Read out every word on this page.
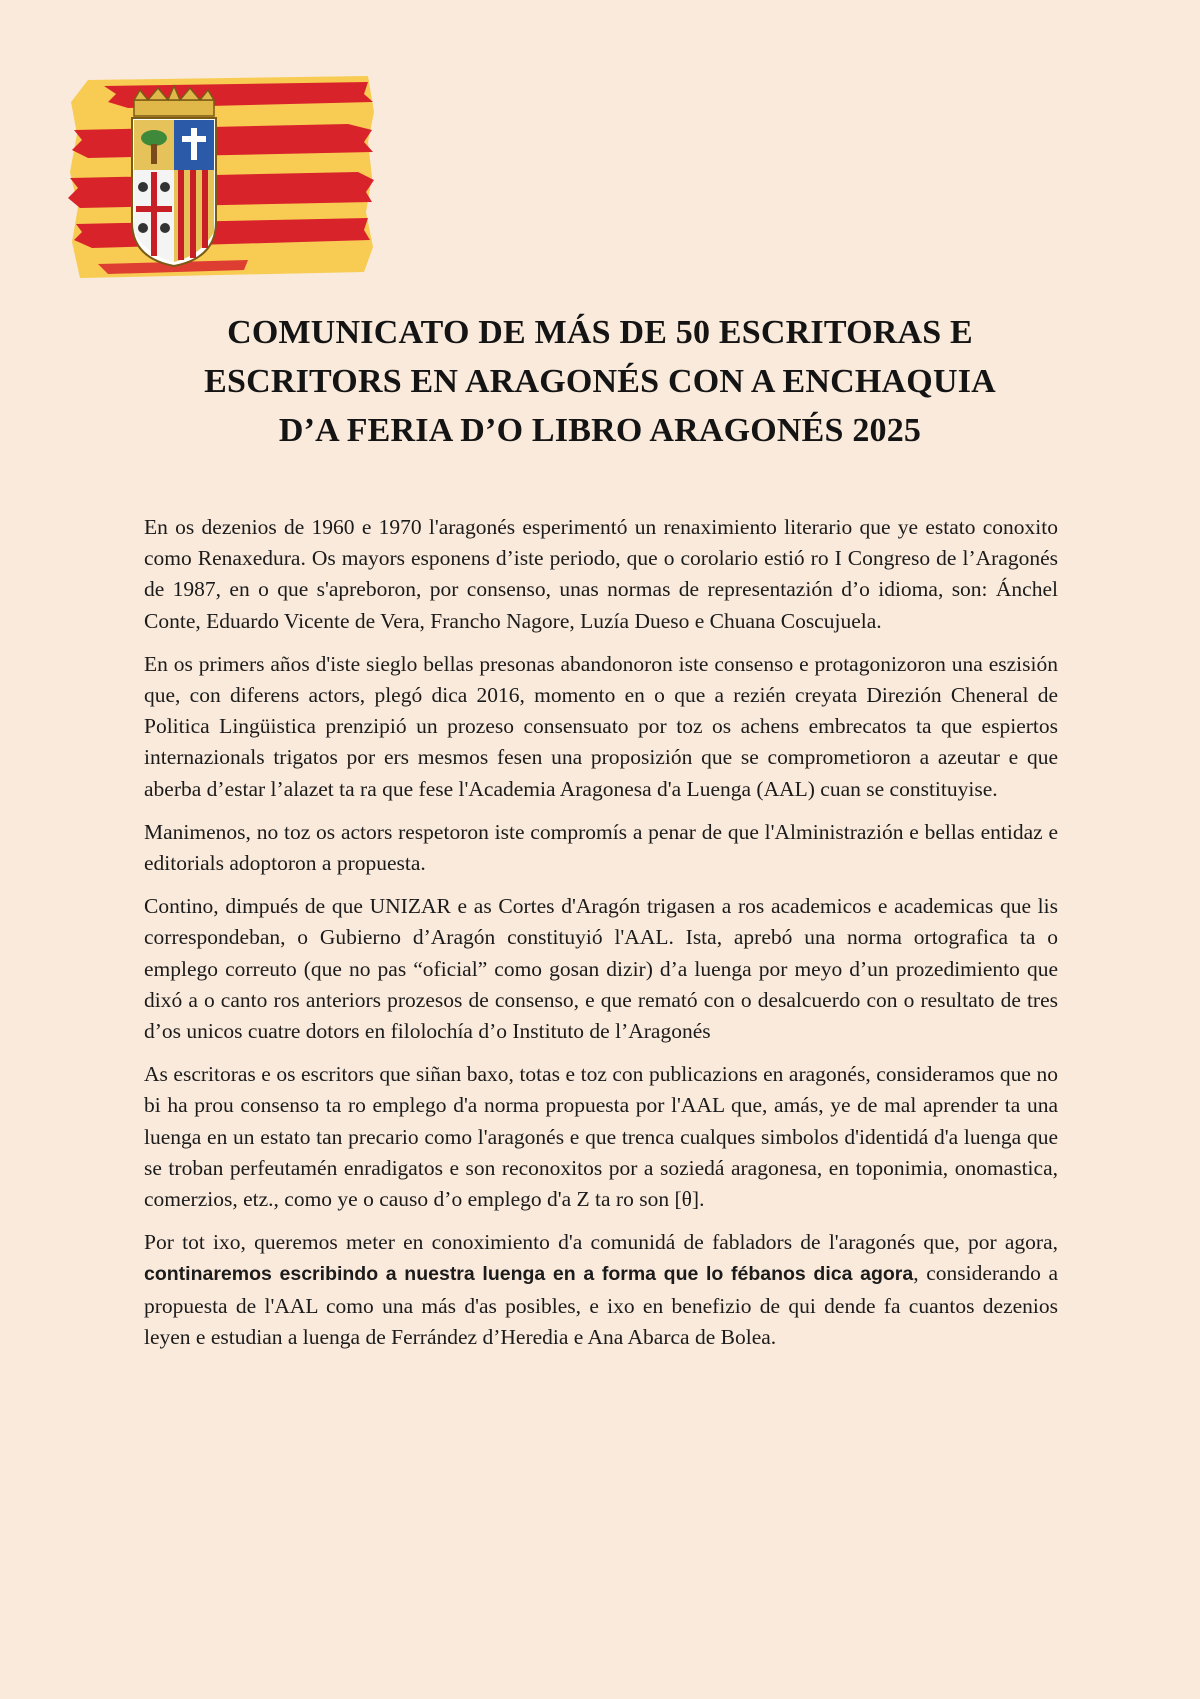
COMUNICATO DE MÁS DE 50 ESCRITORAS E
ESCRITORS EN ARAGONÉS CON A ENCHAQUIA
D’A FERIA D’O LIBRO ARAGONÉS 2025

En os dezenios de 1960 e 1970 l'aragonés esperimentó un renaximiento literario que ye estato conoxito como Renaxedura. Os mayors esponens d’iste periodo, que o corolario estió ro I Congreso de l’Aragonés de 1987, en o que s'apreboron, por consenso, unas normas de representazión d’o idioma, son: Ánchel Conte, Eduardo Vicente de Vera, Francho Nagore, Luzía Dueso e Chuana Coscujuela.

En os primers años d'iste sieglo bellas presonas abandonoron iste consenso e protagonizoron una eszisión que, con diferens actors, plegó dica 2016, momento en o que a rezién creyata Direzión Cheneral de Politica Lingüistica prenzipió un prozeso consensuato por toz os achens embrecatos ta que espiertos internazionals trigatos por ers mesmos fesen una proposizión que se comprometioron a azeutar e que aberba d’estar l’alazet ta ra que fese l'Academia Aragonesa d'a Luenga (AAL) cuan se constituyise.

Manimenos, no toz os actors respetoron iste compromís a penar de que l'Alministrazión e bellas entidaz e editorials adoptoron a propuesta.

Contino, dimpués de que UNIZAR e as Cortes d'Aragón trigasen a ros academicos e academicas que lis correspondeban, o Gubierno d’Aragón constituyió l'AAL. Ista, aprebó una norma ortografica ta o emplego correuto (que no pas “oficial” como gosan dizir) d’a luenga por meyo d’un prozedimiento que dixó a o canto ros anteriors prozesos de consenso, e que remató con o desalcuerdo con o resultato de tres d’os unicos cuatre dotors en filolochía d’o Instituto de l’Aragonés

As escritoras e os escritors que siñan baxo, totas e toz con publicazions en aragonés, consideramos que no bi ha prou consenso ta ro emplego d'a norma propuesta por l'AAL que, amás, ye de mal aprender ta una luenga en un estato tan precario como l'aragonés e que trenca cualques simbolos d'identidá d'a luenga que se troban perfeutamén enradigatos e son reconoxitos por a soziedá aragonesa, en toponimia, onomastica, comerzios, etz., como ye o causo d’o emplego d'a Z ta ro son [θ].

Por tot ixo, queremos meter en conoximiento d'a comunidá de fabladors de l'aragonés que, por agora, continaremos escribindo a nuestra luenga en a forma que lo fébanos dica agora, considerando a propuesta de l'AAL como una más d'as posibles, e ixo en benefizio de qui dende fa cuantos dezenios leyen e estudian a luenga de Ferrández d’Heredia e Ana Abarca de Bolea.
